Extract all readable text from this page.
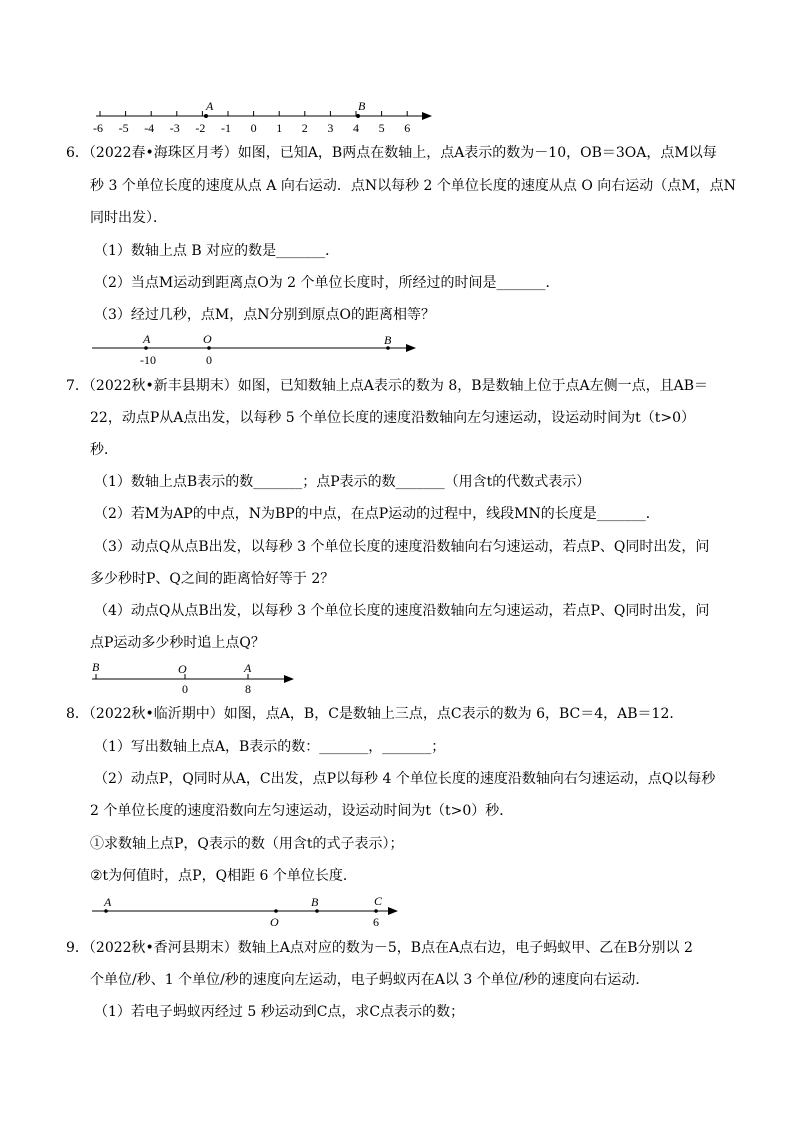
-6 -5 -4 -3 -2 -1 0 1 2 3 4 5 6
A	B
6．（2022春•海珠区月考）如图，已知A，B两点在数轴上，点A表示的数为－10，OB＝3OA，点M以每
秒 3 个单位长度的速度从点 A 向右运动．点N以每秒 2 个单位长度的速度从点 O 向右运动（点M，点N
同时出发）．
（1）数轴上点 B 对应的数是_______．
（2）当点M运动到距离点O为 2 个单位长度时，所经过的时间是_______．
（3）经过几秒，点M，点N分别到原点O的距离相等？
A	O	B
-10	0
7．（2022秋•新丰县期末）如图，已知数轴上点A表示的数为 8，B是数轴上位于点A左侧一点，且AB＝
22，动点P从A点出发，以每秒 5 个单位长度的速度沿数轴向左匀速运动，设运动时间为t（t>0）
秒．
（1）数轴上点B表示的数_______；点P表示的数_______（用含t的代数式表示）
（2）若M为AP的中点，N为BP的中点，在点P运动的过程中，线段MN的长度是_______．
（3）动点Q从点B出发，以每秒 3 个单位长度的速度沿数轴向右匀速运动，若点P、Q同时出发，问
多少秒时P、Q之间的距离恰好等于 2？
（4）动点Q从点B出发，以每秒 3 个单位长度的速度沿数轴向左匀速运动，若点P、Q同时出发，问
点P运动多少秒时追上点Q？
B	O	A
0	8
8．（2022秋•临沂期中）如图，点A，B，C是数轴上三点，点C表示的数为 6，BC＝4，AB＝12．
（1）写出数轴上点A，B表示的数：_______，_______；
（2）动点P，Q同时从A，C出发，点P以每秒 4 个单位长度的速度沿数轴向右匀速运动，点Q以每秒
2 个单位长度的速度沿数向左匀速运动，设运动时间为t（t>0）秒．
①求数轴上点P，Q表示的数（用含t的式子表示）；
②t为何值时，点P，Q相距 6 个单位长度．
A
O
B	C
6
9．（2022秋•香河县期末）数轴上A点对应的数为－5，B点在A点右边，电子蚂蚁甲、乙在B分别以 2
个单位/秒、1 个单位/秒的速度向左运动，电子蚂蚁丙在A以 3 个单位/秒的速度向右运动．
（1）若电子蚂蚁丙经过 5 秒运动到C点，求C点表示的数；
